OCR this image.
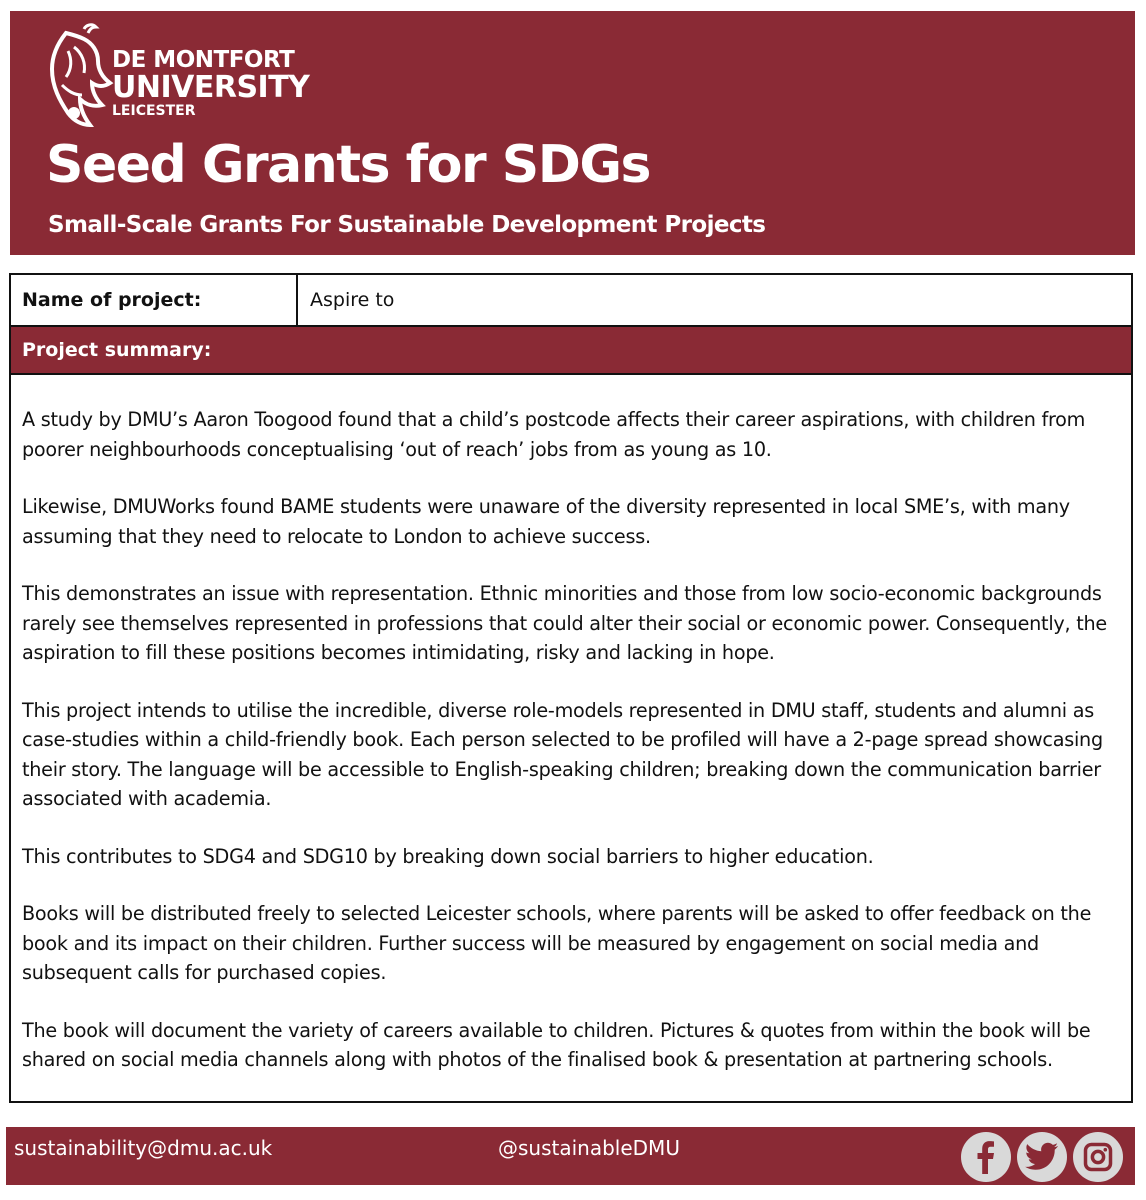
DE MONTFORT
UNIVERSITY
LEICESTER
Seed Grants for SDGs
Small-Scale Grants For Sustainable Development Projects
Name of project:	Aspire to
Project summary:

A study by DMU’s Aaron Toogood found that a child’s postcode affects their career aspirations, with children from poorer neighbourhoods conceptualising ‘out of reach’ jobs from as young as 10.

Likewise, DMUWorks found BAME students were unaware of the diversity represented in local SME’s, with many assuming that they need to relocate to London to achieve success.

This demonstrates an issue with representation. Ethnic minorities and those from low socio-economic backgrounds rarely see themselves represented in professions that could alter their social or economic power. Consequently, the aspiration to fill these positions becomes intimidating, risky and lacking in hope.

This project intends to utilise the incredible, diverse role-models represented in DMU staff, students and alumni as case-studies within a child-friendly book. Each person selected to be profiled will have a 2-page spread showcasing their story. The language will be accessible to English-speaking children; breaking down the communication barrier associated with academia.

This contributes to SDG4 and SDG10 by breaking down social barriers to higher education.

Books will be distributed freely to selected Leicester schools, where parents will be asked to offer feedback on the book and its impact on their children. Further success will be measured by engagement on social media and subsequent calls for purchased copies.

The book will document the variety of careers available to children. Pictures & quotes from within the book will be shared on social media channels along with photos of the finalised book & presentation at partnering schools.

sustainability@dmu.ac.uk	@sustainableDMU
